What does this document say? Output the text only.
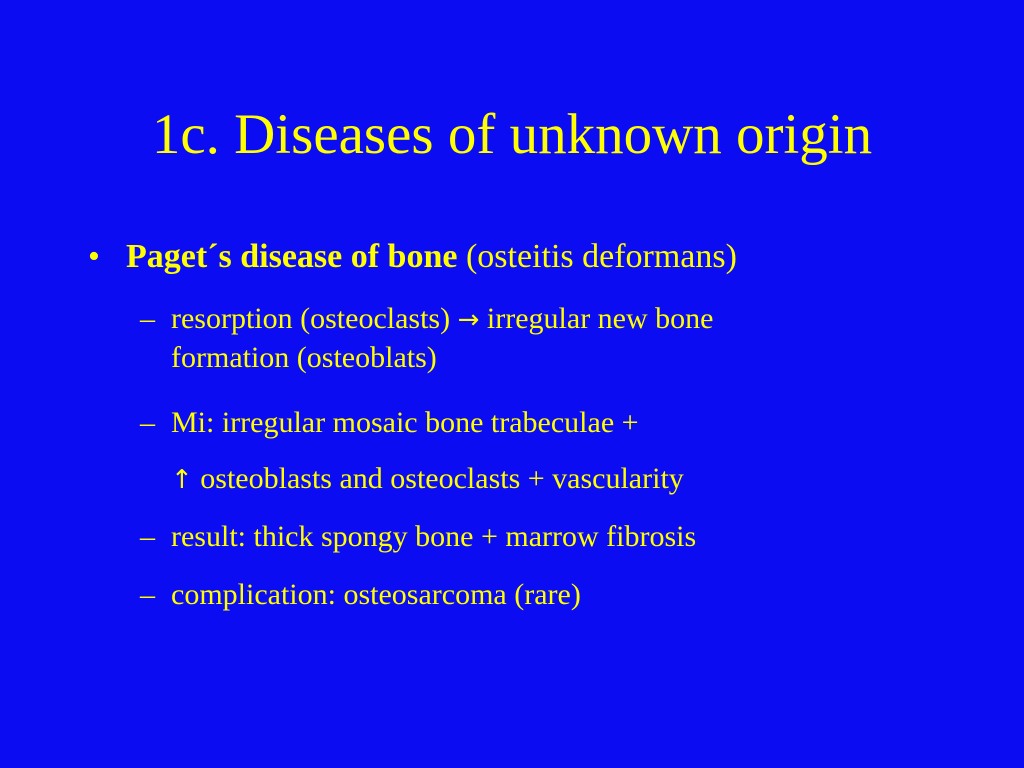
1c. Diseases of unknown origin
• Paget´s disease of bone (osteitis deformans)
– resorption (osteoclasts) → irregular new bone
formation (osteoblats)
– Mi: irregular mosaic bone trabeculae +
↑ osteoblasts and osteoclasts + vascularity
– result: thick spongy bone + marrow fibrosis
– complication: osteosarcoma (rare)
